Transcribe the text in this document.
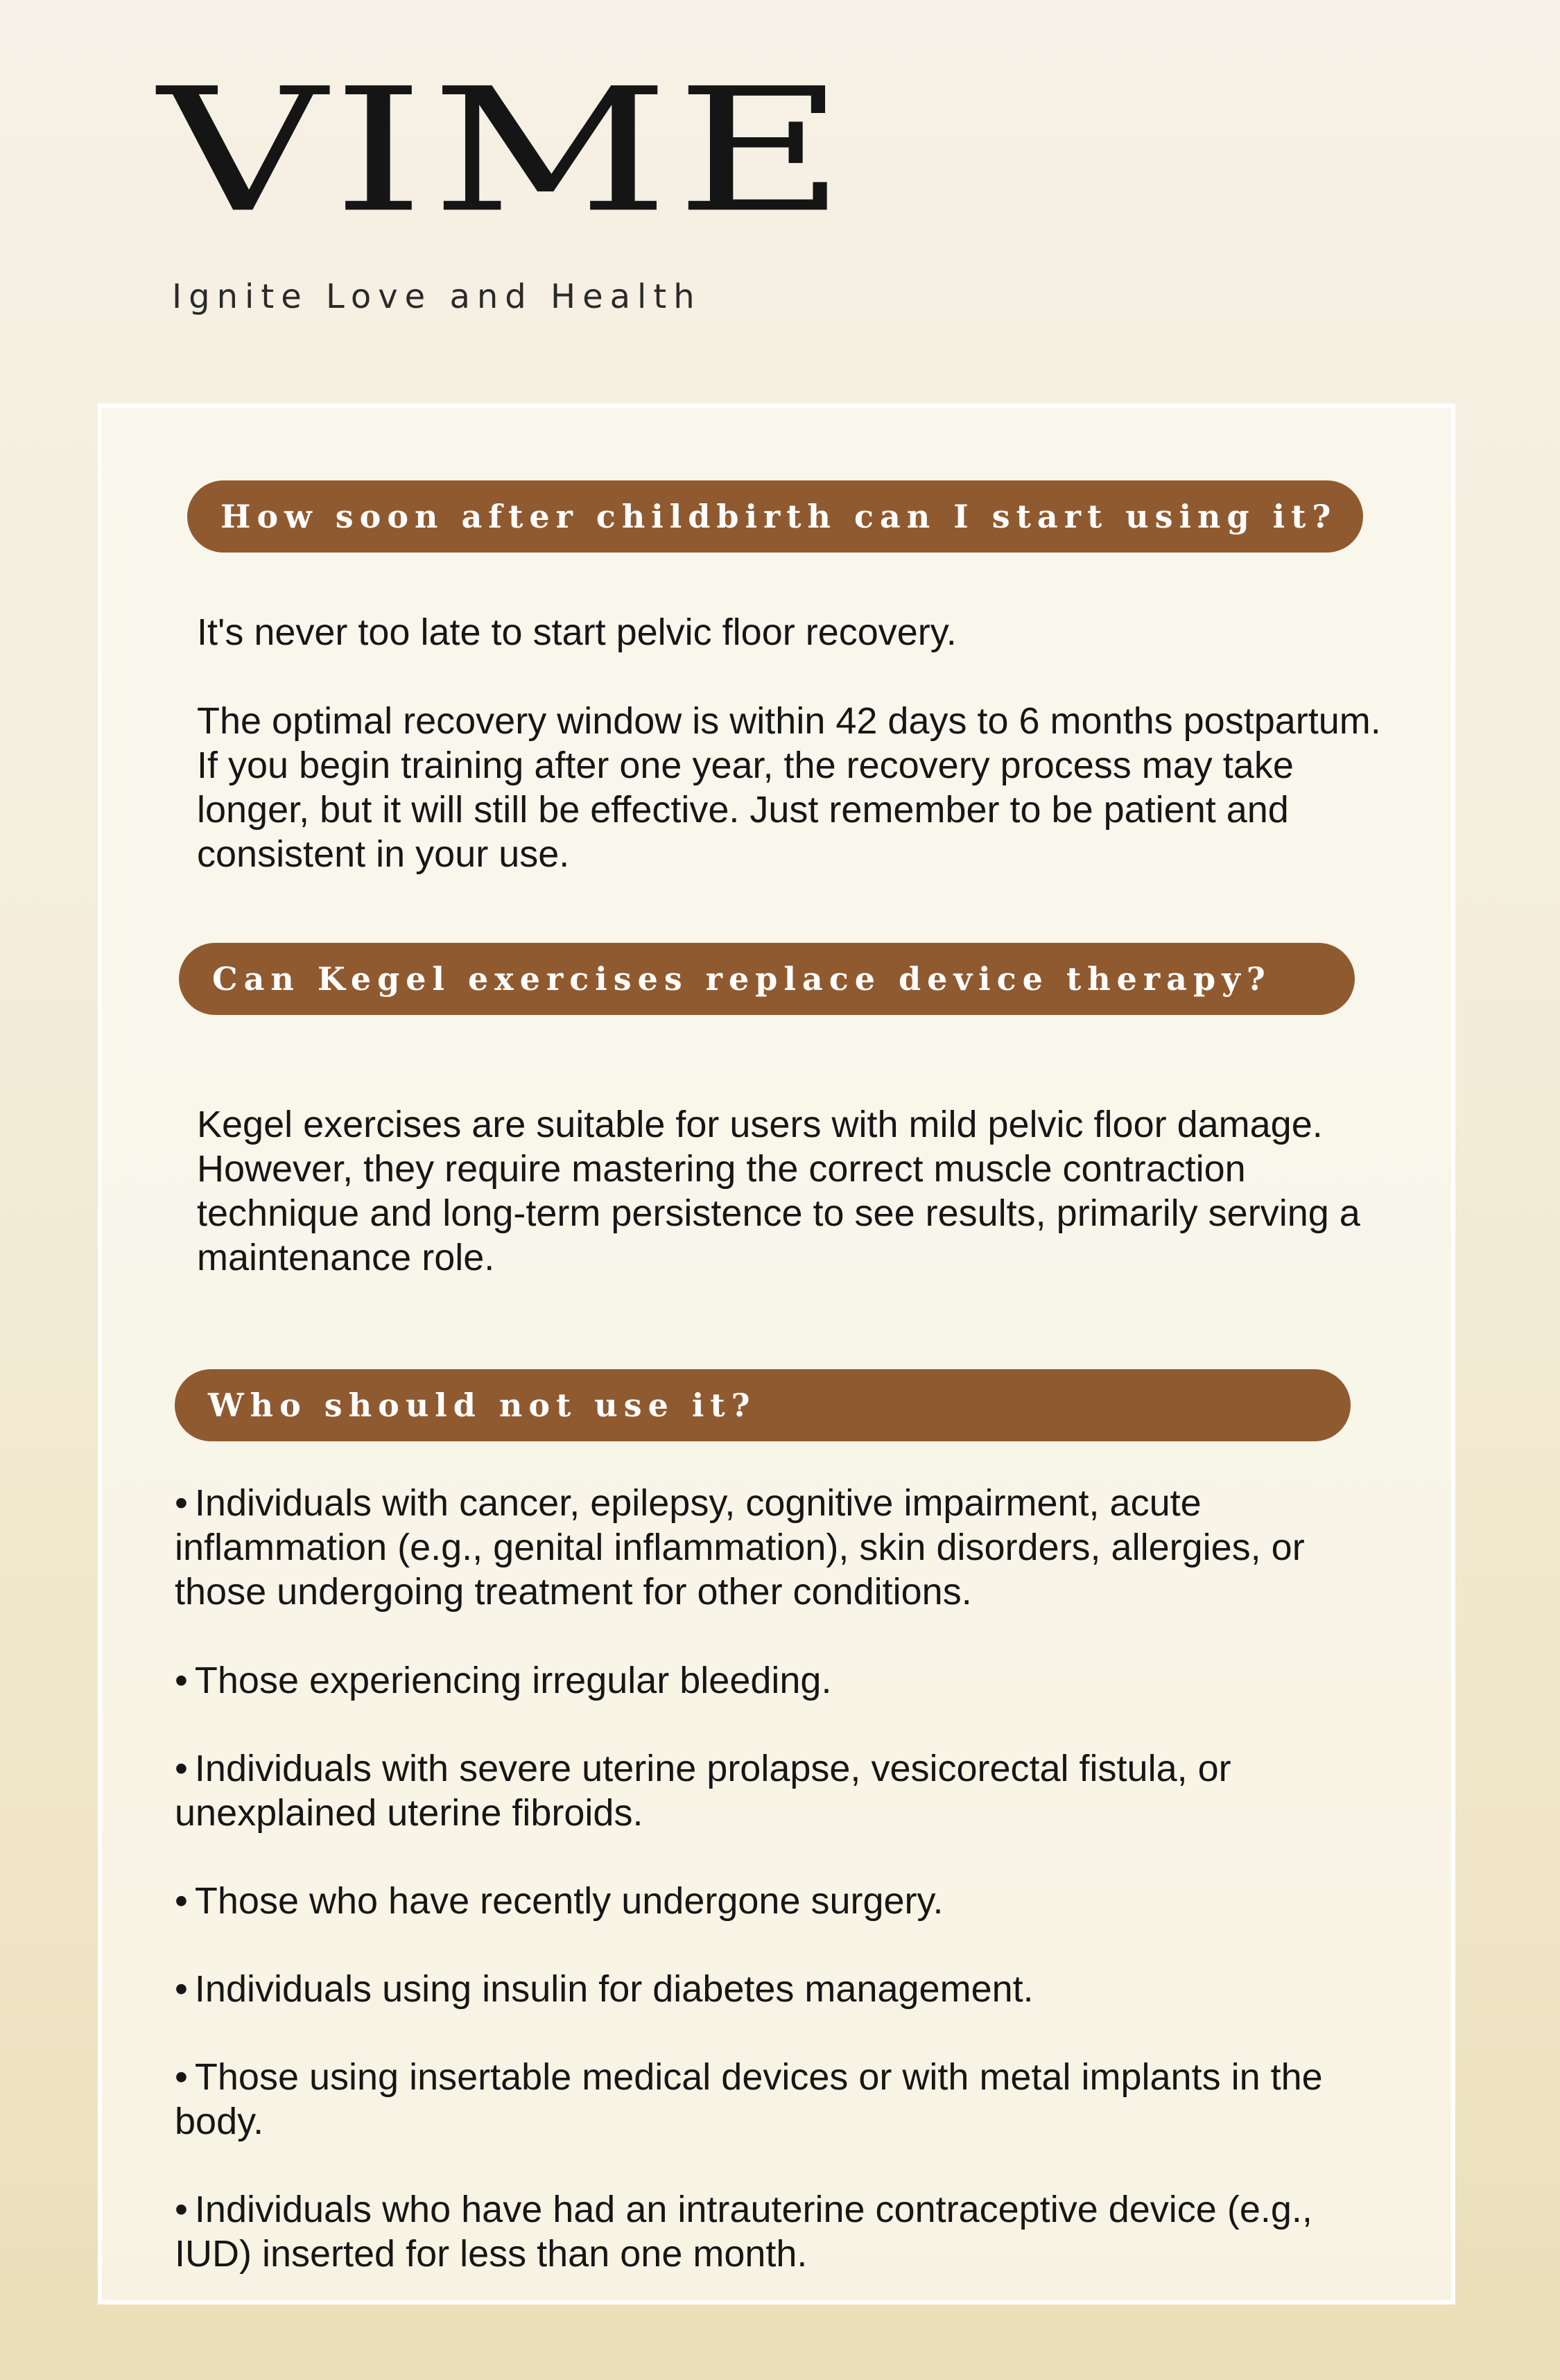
VIME

Ignite Love and Health

How soon after childbirth can I start using it?

It's never too late to start pelvic floor recovery.

The optimal recovery window is within 42 days to 6 months postpartum. If you begin training after one year, the recovery process may take longer, but it will still be effective. Just remember to be patient and consistent in your use.

Can Kegel exercises replace device therapy?

Kegel exercises are suitable for users with mild pelvic floor damage. However, they require mastering the correct muscle contraction technique and long-term persistence to see results, primarily serving a maintenance role.

Who should not use it?

• Individuals with cancer, epilepsy, cognitive impairment, acute inflammation (e.g., genital inflammation), skin disorders, allergies, or those undergoing treatment for other conditions.

• Those experiencing irregular bleeding.

• Individuals with severe uterine prolapse, vesicorectal fistula, or unexplained uterine fibroids.

• Those who have recently undergone surgery.

• Individuals using insulin for diabetes management.

• Those using insertable medical devices or with metal implants in the body.

• Individuals who have had an intrauterine contraceptive device (e.g., IUD) inserted for less than one month.
